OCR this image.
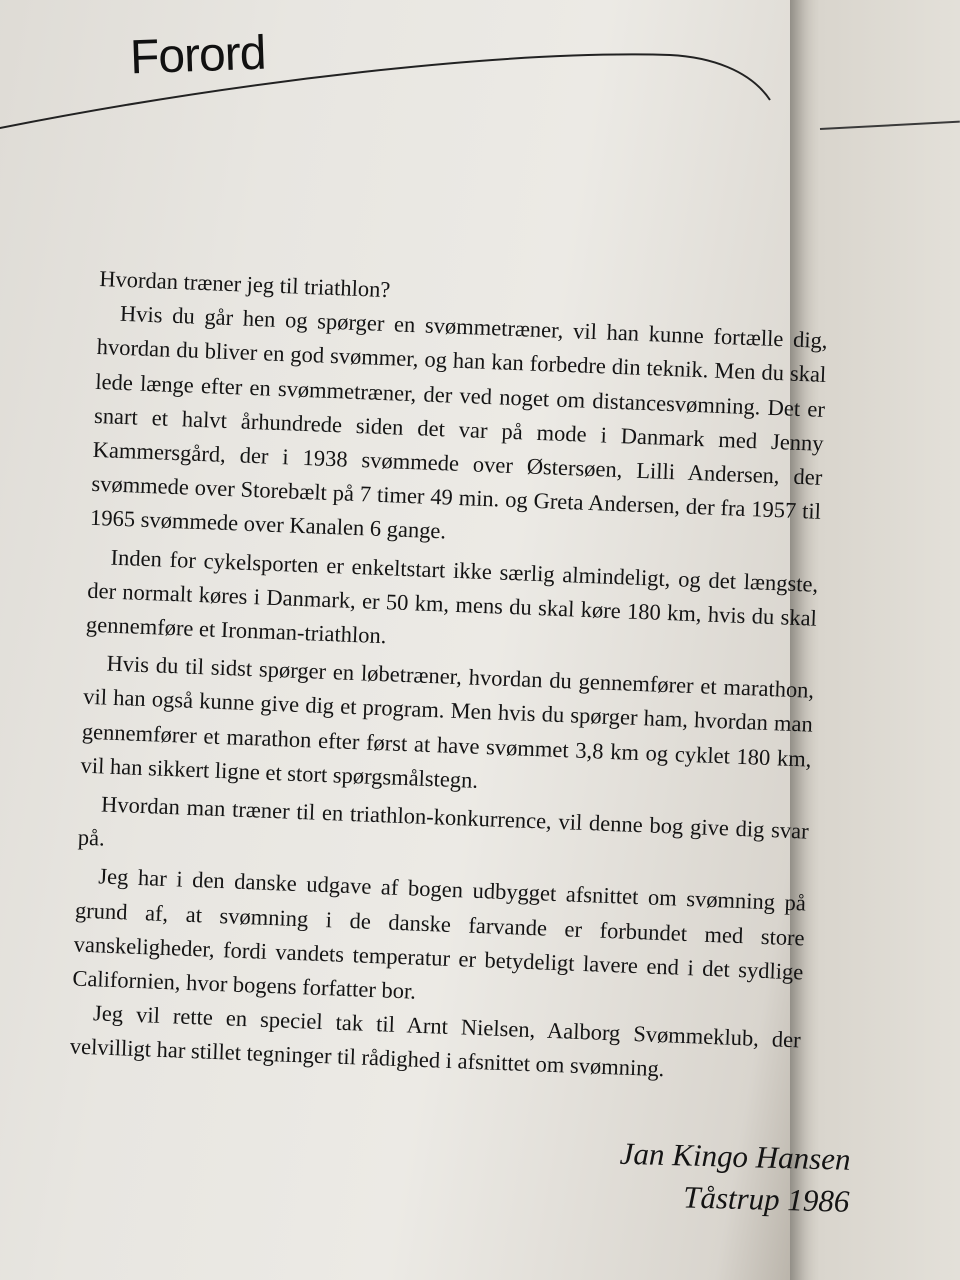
Forord

Hvordan træner jeg til triathlon?

Hvis du går hen og spørger en svømmetræner, vil han kunne fortælle dig, hvordan du bliver en god svømmer, og han kan forbedre din teknik. Men du skal lede længe efter en svømmetræner, der ved noget om distancesvømning. Det er snart et halvt århundrede siden det var på mode i Danmark med Jenny Kammersgård, der i 1938 svømmede over Østersøen, Lilli Andersen, der svømmede over Storebælt på 7 timer 49 min. og Greta Andersen, der fra 1957 til 1965 svømmede over Kanalen 6 gange.

Inden for cykelsporten er enkeltstart ikke særlig almindeligt, og det længste, der normalt køres i Danmark, er 50 km, mens du skal køre 180 km, hvis du skal gennemføre et Ironman-triathlon.

Hvis du til sidst spørger en løbetræner, hvordan du gennemfører et marathon, vil han også kunne give dig et program. Men hvis du spørger ham, hvordan man gennemfører et marathon efter først at have svømmet 3,8 km og cyklet 180 km, vil han sikkert ligne et stort spørgsmålstegn.

Hvordan man træner til en triathlon-konkurrence, vil denne bog give dig svar på.

Jeg har i den danske udgave af bogen udbygget afsnittet om svømning på grund af, at svømning i de danske farvande er forbundet med store vanskeligheder, fordi vandets temperatur er betydeligt lavere end i det sydlige Californien, hvor bogens forfatter bor.

Jeg vil rette en speciel tak til Arnt Nielsen, Aalborg Svømmeklub, der velvilligt har stillet tegninger til rådighed i afsnittet om svømning.

Jan Kingo Hansen
Tåstrup 1986
